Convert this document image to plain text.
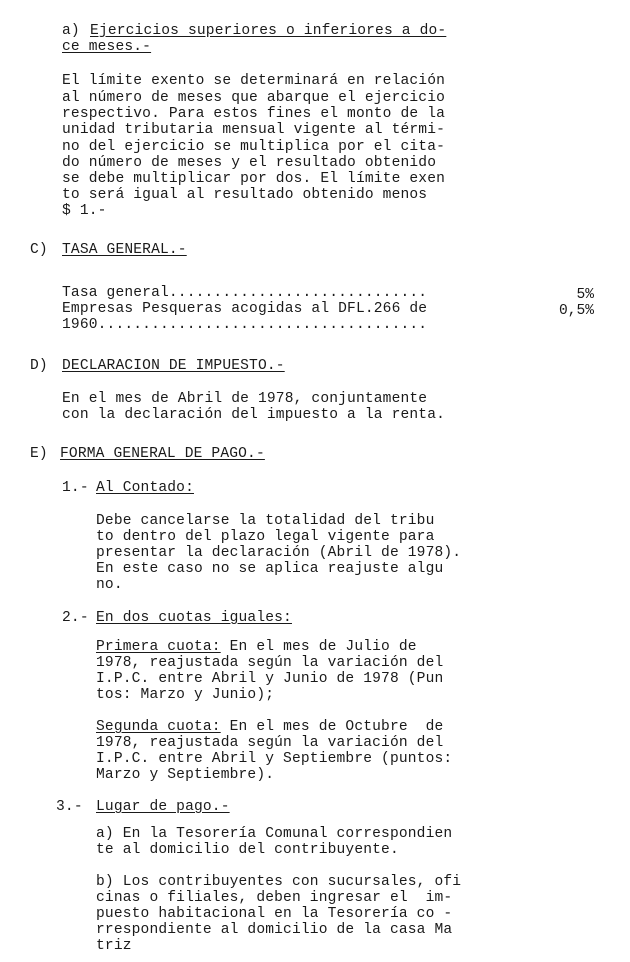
a) Ejercicios superiores o inferiores a do-
ce meses.-
El límite exento se determinará en relación
al número de meses que abarque el ejercicio
respectivo. Para estos fines el monto de la
unidad tributaria mensual vigente al térmi-
no del ejercicio se multiplica por el cita-
do número de meses y el resultado obtenido
se debe multiplicar por dos. El límite exen
to será igual al resultado obtenido menos
$ 1.-
C) TASA GENERAL.-
Tasa general.............................	5%
Empresas Pesqueras acogidas al DFL.266 de	0,5%
1960.....................................
D) DECLARACION DE IMPUESTO.-
En el mes de Abril de 1978, conjuntamente
con la declaración del impuesto a la renta.
E) FORMA GENERAL DE PAGO.-
1.- Al Contado:
Debe cancelarse la totalidad del tribu
to dentro del plazo legal vigente para
presentar la declaración (Abril de 1978).
En este caso no se aplica reajuste algu
no.
2.- En dos cuotas iguales:
Primera cuota: En el mes de Julio de
1978, reajustada según la variación del
I.P.C. entre Abril y Junio de 1978 (Pun
tos: Marzo y Junio);
Segunda cuota: En el mes de Octubre  de
1978, reajustada según la variación del
I.P.C. entre Abril y Septiembre (puntos:
Marzo y Septiembre).
3.- Lugar de pago.-
a) En la Tesorería Comunal correspondien
te al domicilio del contribuyente.
b) Los contribuyentes con sucursales, ofi
cinas o filiales, deben ingresar el  im-
puesto habitacional en la Tesorería co -
rrespondiente al domicilio de la casa Ma
triz
